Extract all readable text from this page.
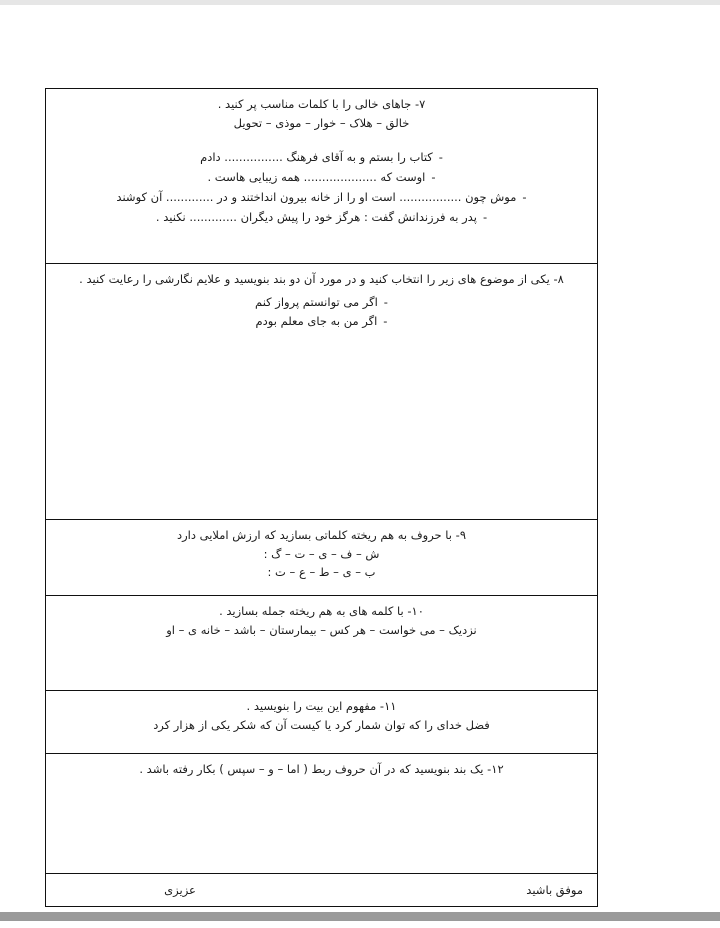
۷- جاهای خالی را با کلمات مناسب پر کنید .
خالق – هلاک – خوار – موذی – تحویل
-کتاب را بستم و به آقای فرهنگ ................ دادم
-اوست که .................... همه زیبایی هاست .
-موش چون ................. است او را از خانه بیرون انداختند و در ............. آن کوشند
-پدر به فرزندانش گفت : هرگز خود را پیش دیگران ............. نکنید .
۸- یکی از موضوع های زیر را انتخاب کنید و در مورد آن دو بند بنویسید و علایم نگارشی را رعایت کنید .
-اگر می توانستم پرواز کنم
-اگر من به جای معلم بودم
۹- با حروف به هم ریخته کلماتی بسازید که ارزش املایی دارد
ش – ف – ی – ت – گ :
ب – ی – ط – ع – ت :
۱۰- با کلمه های به هم ریخته جمله بسازید .
نزدیک – می خواست – هر کس – بیمارستان – باشد – خانه ی – او
۱۱- مفهوم این بیت را بنویسید .
فضل خدای را که توان شمار کرد یا کیست آن که شکر یکی از هزار کرد
۱۲- یک بند بنویسید که در آن حروف ربط ( اما – و – سپس ) بکار رفته باشد .
موفق باشید
عزیزی
